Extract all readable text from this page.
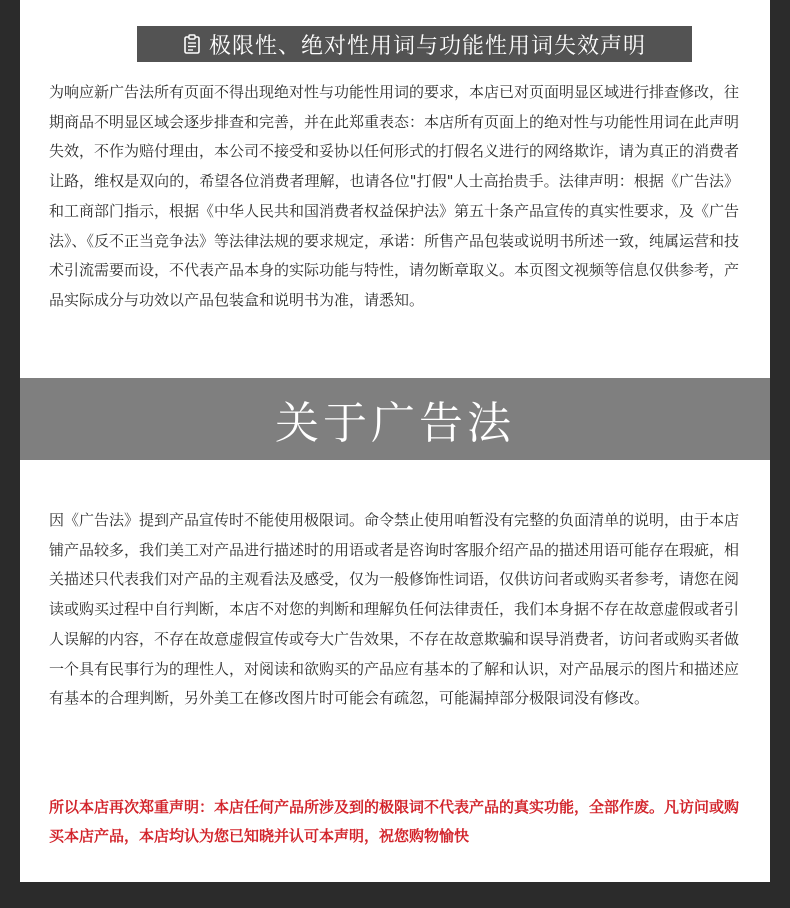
极限性、绝对性用词与功能性用词失效声明

为响应新广告法所有页面不得出现绝对性与功能性用词的要求，本店已对页面明显区域进行排查修改，往期商品不明显区域会逐步排查和完善，并在此郑重表态：本店所有页面上的绝对性与功能性用词在此声明失效，不作为赔付理由，本公司不接受和妥协以任何形式的打假名义进行的网络欺诈，请为真正的消费者让路，维权是双向的，希望各位消费者理解，也请各位"打假"人士高抬贵手。法律声明：根据《广告法》和工商部门指示，根据《中华人民共和国消费者权益保护法》第五十条产品宣传的真实性要求，及《广告法》、《反不正当竞争法》等法律法规的要求规定，承诺：所售产品包装或说明书所述一致，纯属运营和技术引流需要而设，不代表产品本身的实际功能与特性，请勿断章取义。本页图文视频等信息仅供参考，产品实际成分与功效以产品包装盒和说明书为准，请悉知。

关于广告法

因《广告法》提到产品宣传时不能使用极限词。命令禁止使用咱暂没有完整的负面清单的说明，由于本店铺产品较多，我们美工对产品进行描述时的用语或者是咨询时客服介绍产品的描述用语可能存在瑕疵，相关描述只代表我们对产品的主观看法及感受，仅为一般修饰性词语，仅供访问者或购买者参考，请您在阅读或购买过程中自行判断，本店不对您的判断和理解负任何法律责任，我们本身据不存在故意虚假或者引人误解的内容，不存在故意虚假宣传或夸大广告效果，不存在故意欺骗和误导消费者，访问者或购买者做一个具有民事行为的理性人，对阅读和欲购买的产品应有基本的了解和认识，对产品展示的图片和描述应有基本的合理判断，另外美工在修改图片时可能会有疏忽，可能漏掉部分极限词没有修改。

所以本店再次郑重声明：本店任何产品所涉及到的极限词不代表产品的真实功能，全部作废。凡访问或购买本店产品，本店均认为您已知晓并认可本声明，祝您购物愉快
